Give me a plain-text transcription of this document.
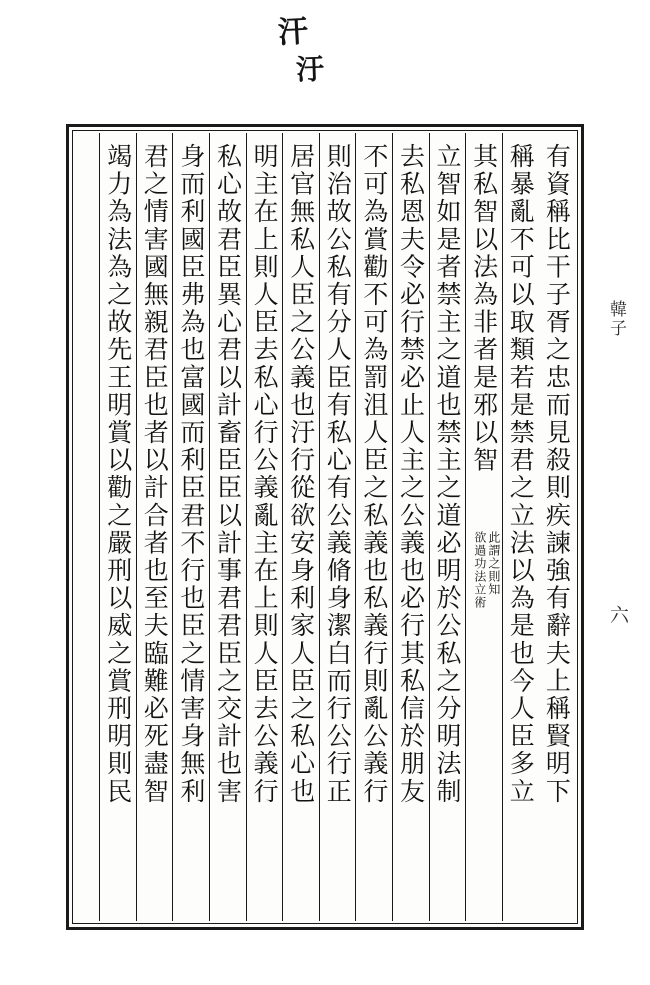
汗
汙
有資稱比干子胥之忠而見殺則疾諫強有辭夫上稱賢明下
稱暴亂不可以取類若是禁君之立法以為是也今人臣多立
其私智以法為非者是邪以智
此謂之則知
欲過功法立術
立智如是者禁主之道也禁主之道必明於公私之分明法制
去私恩夫令必行禁必止人主之公義也必行其私信於朋友
不可為賞勸不可為罰沮人臣之私義也私義行則亂公義行
則治故公私有分人臣有私心有公義脩身潔白而行公行正
居官無私人臣之公義也汙行從欲安身利家人臣之私心也
明主在上則人臣去私心行公義亂主在上則人臣去公義行
私心故君臣異心君以計畜臣臣以計事君君臣之交計也害
身而利國臣弗為也富國而利臣君不行也臣之情害身無利
君之情害國無親君臣也者以計合者也至夫臨難必死盡智
竭力為法為之故先王明賞以勸之嚴刑以威之賞刑明則民	韓子
六
